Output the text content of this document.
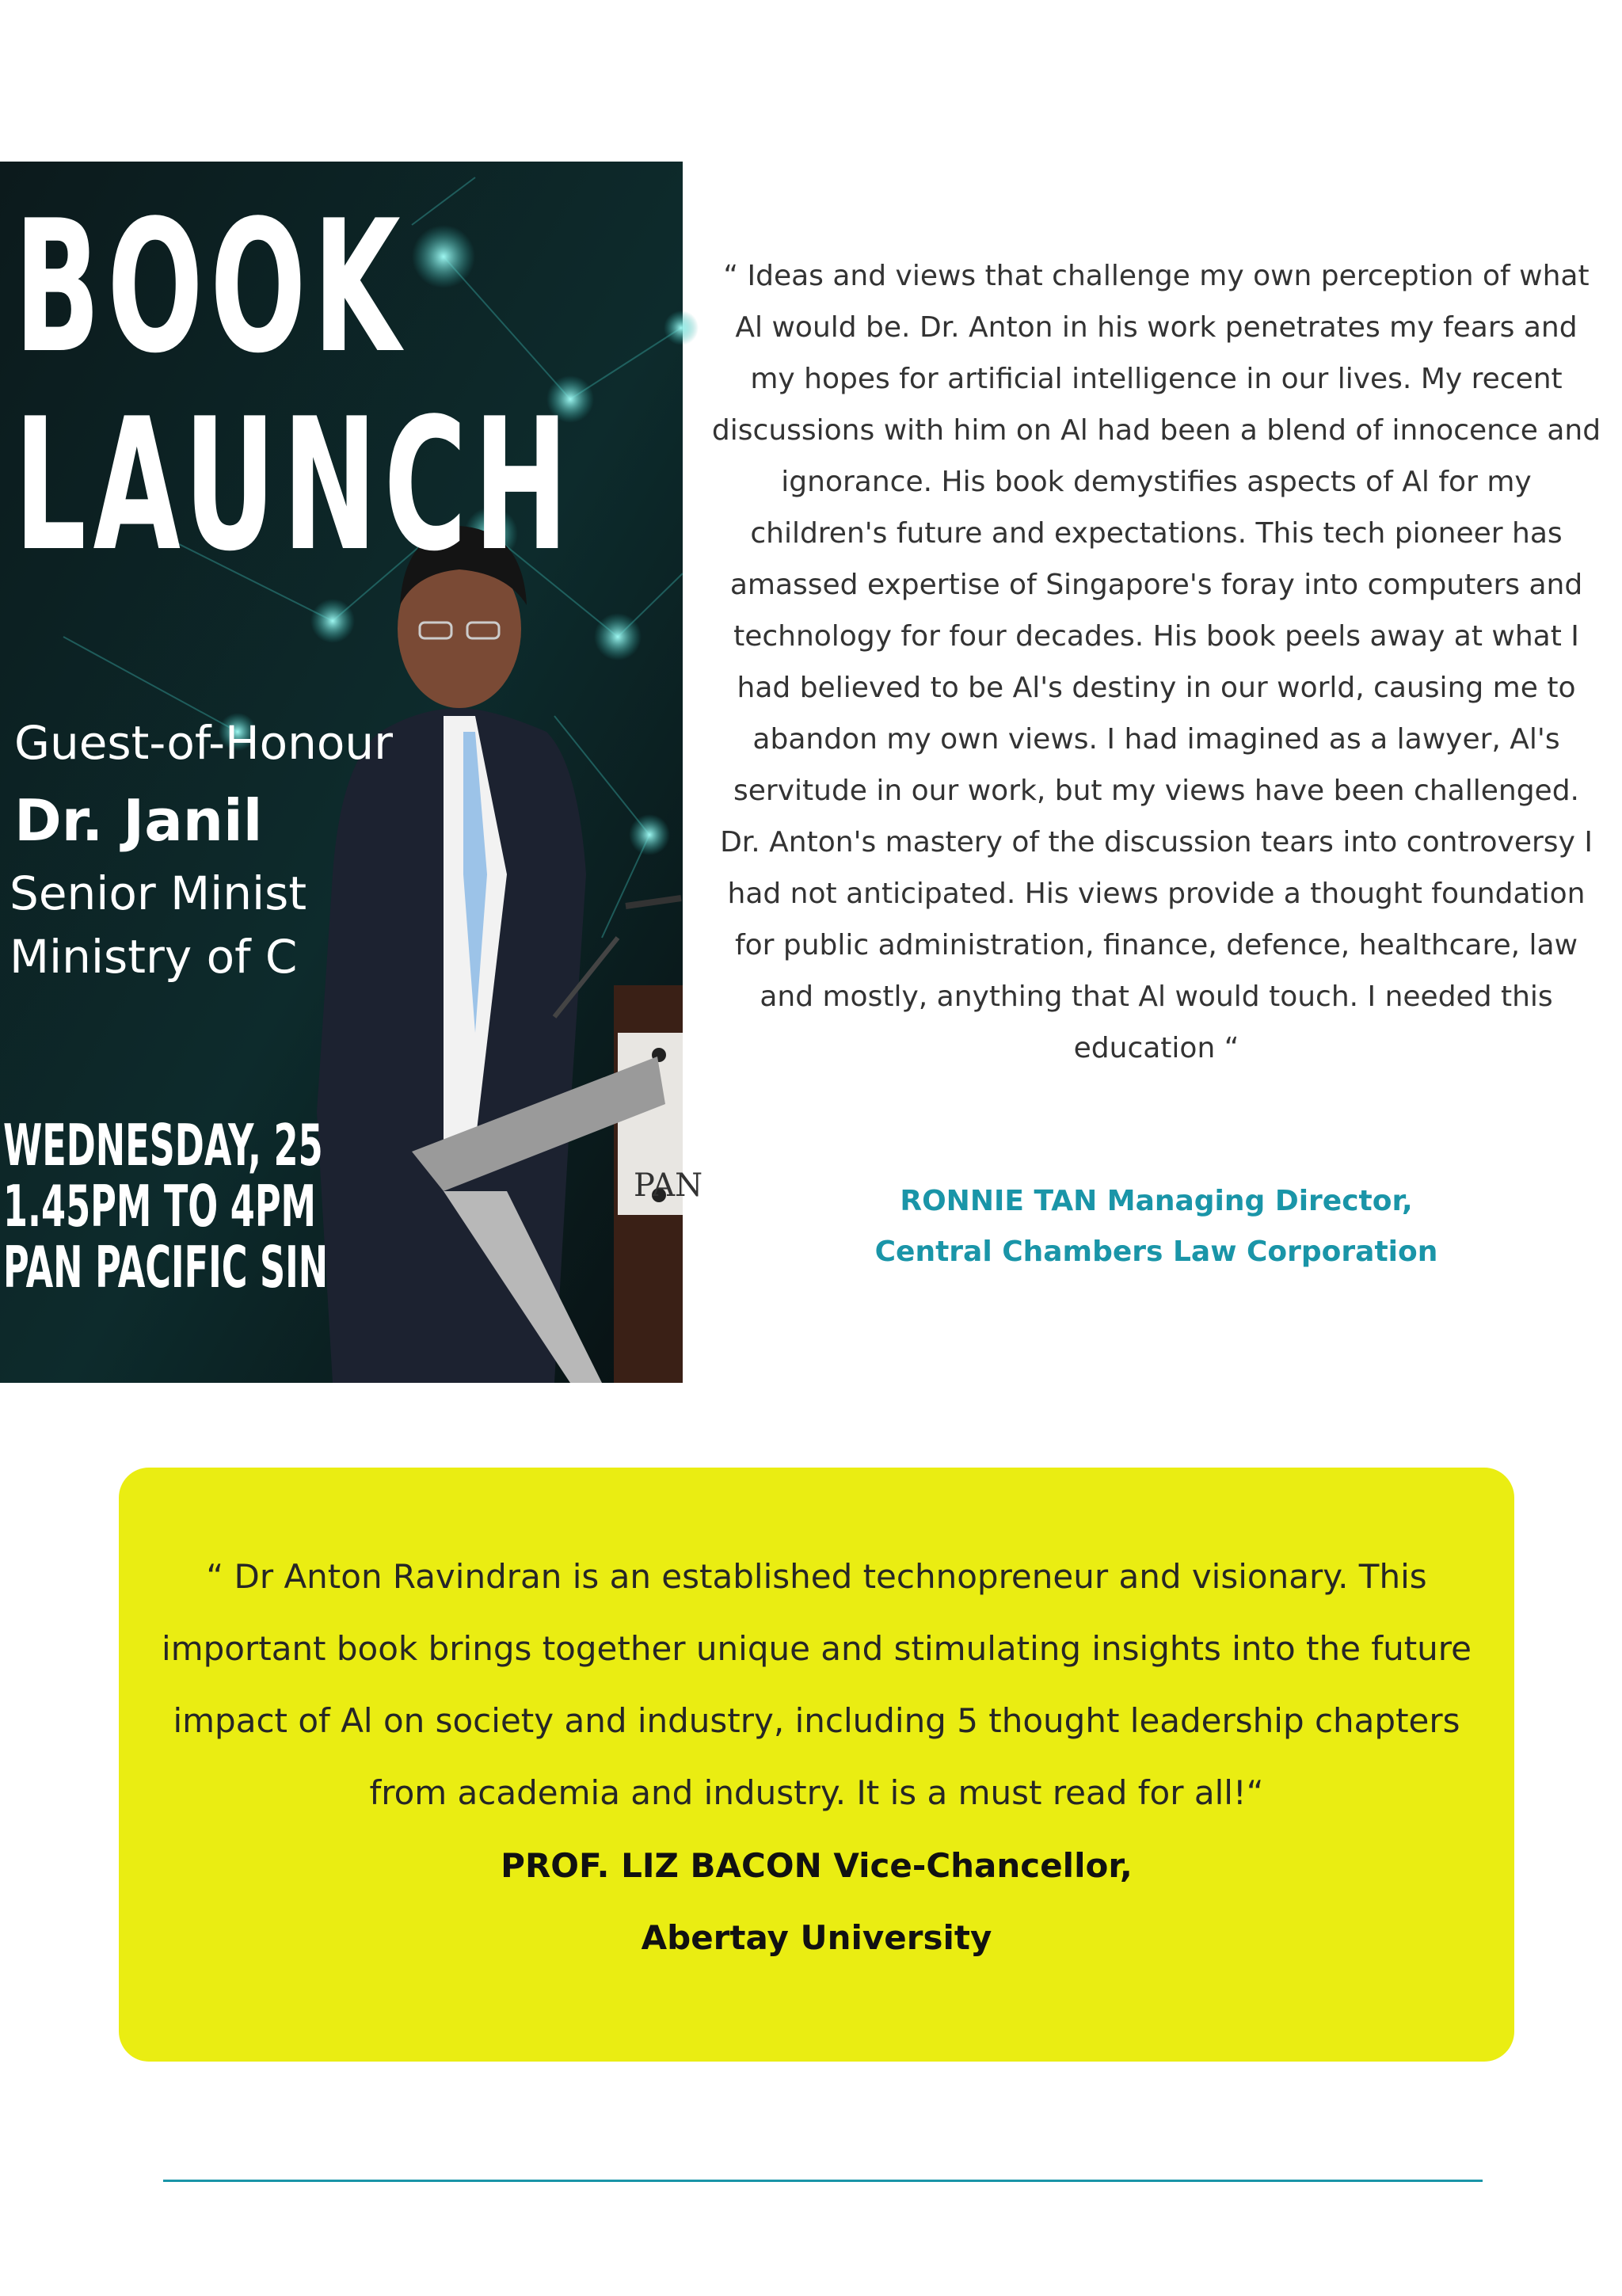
BOOK
LAUNCH
Guest-of-Honour
Dr. Janil
Senior Minist
Ministry of C
WEDNESDAY, 25
1.45PM TO 4PM
PAN PACIFIC SIN
PAN
“ Ideas and views that challenge my own perception of what Al would be. Dr. Anton in his work penetrates my fears and my hopes for artificial intelligence in our lives. My recent discussions with him on Al had been a blend of innocence and ignorance. His book demystifies aspects of Al for my children's future and expectations. This tech pioneer has amassed expertise of Singapore's foray into computers and technology for four decades. His book peels away at what I had believed to be Al's destiny in our world, causing me to abandon my own views. I had imagined as a lawyer, Al's servitude in our work, but my views have been challenged. Dr. Anton's mastery of the discussion tears into controversy I had not anticipated. His views provide a thought foundation for public administration, finance, defence, healthcare, law and mostly, anything that Al would touch. I needed this education “
RONNIE TAN Managing Director,
Central Chambers Law Corporation
“ Dr Anton Ravindran is an established technopreneur and visionary. This important book brings together unique and stimulating insights into the future impact of Al on society and industry, including 5 thought leadership chapters from academia and industry. It is a must read for all!“
PROF. LIZ BACON Vice-Chancellor,
Abertay University
